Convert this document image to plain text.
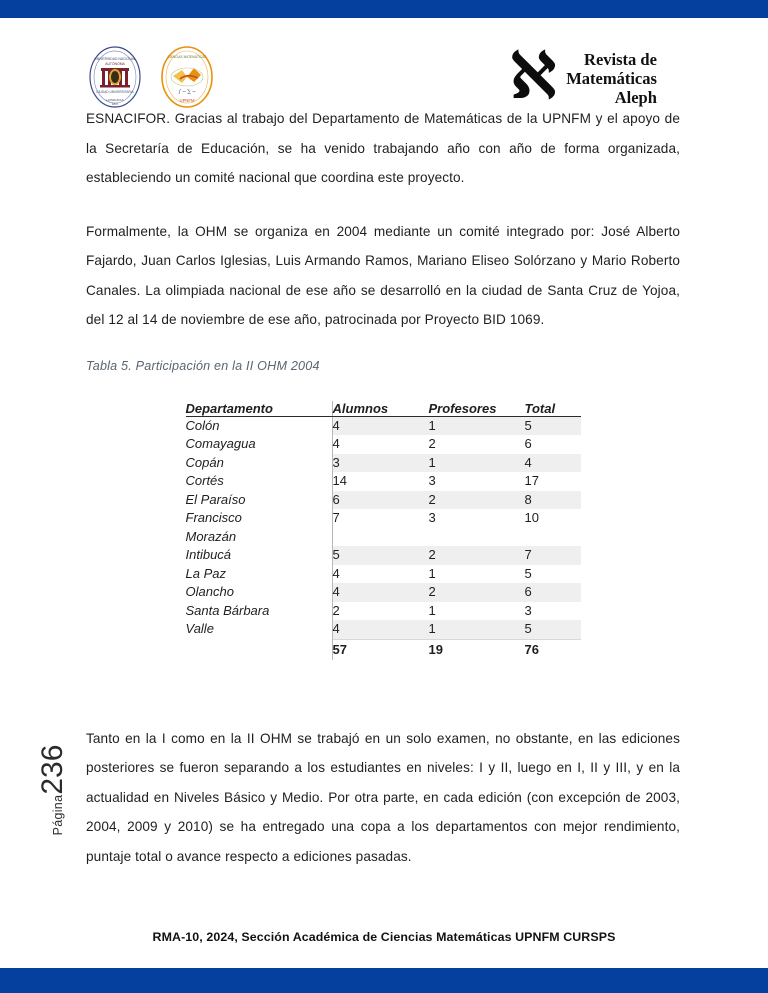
UNIVERSIDAD NACIONAL
AUTÓNOMA
CIUDAD UNIVERSITARIA
HONDURAS
1847
CIENCIAS MATEMÁTICAS
∫ ─ ∑ ─
UPNFM	ℵ	Revista de
Matemáticas
Aleph

ESNACIFOR. Gracias al trabajo del Departamento de Matemáticas de la UPNFM y el apoyo de la Secretaría de Educación, se ha venido trabajando año con año de forma organizada, estableciendo un comité nacional que coordina este proyecto.

Formalmente, la OHM se organiza en 2004 mediante un comité integrado por: José Alberto Fajardo, Juan Carlos Iglesias, Luis Armando Ramos, Mariano Eliseo Solórzano y Mario Roberto Canales. La olimpiada nacional de ese año se desarrolló en la ciudad de Santa Cruz de Yojoa, del 12 al 14 de noviembre de ese año, patrocinada por Proyecto BID 1069.

Tabla 5. Participación en la II OHM 2004
Departamento	Alumnos	Profesores	Total
Colón	4	1	5
Comayagua	4	2	6
Copán	3	1	4
Cortés	14	3	17
El Paraíso	6	2	8
Francisco
Morazán	7	3	10
Intibucá	5	2	7
La Paz	4	1	5
Olancho	4	2	6
Santa Bárbara	2	1	3
Valle	4	1	5
	57	19	76

Tanto en la I como en la II OHM se trabajó en un solo examen, no obstante, en las ediciones posteriores se fueron separando a los estudiantes en niveles: I y II, luego en I, II y III, y en la actualidad en Niveles Básico y Medio. Por otra parte, en cada edición (con excepción de 2003, 2004, 2009 y 2010) se ha entregado una copa a los departamentos con mejor rendimiento, puntaje total o avance respecto a ediciones pasadas.

Página
236
RMA-10, 2024, Sección Académica de Ciencias Matemáticas UPNFM CURSPS
